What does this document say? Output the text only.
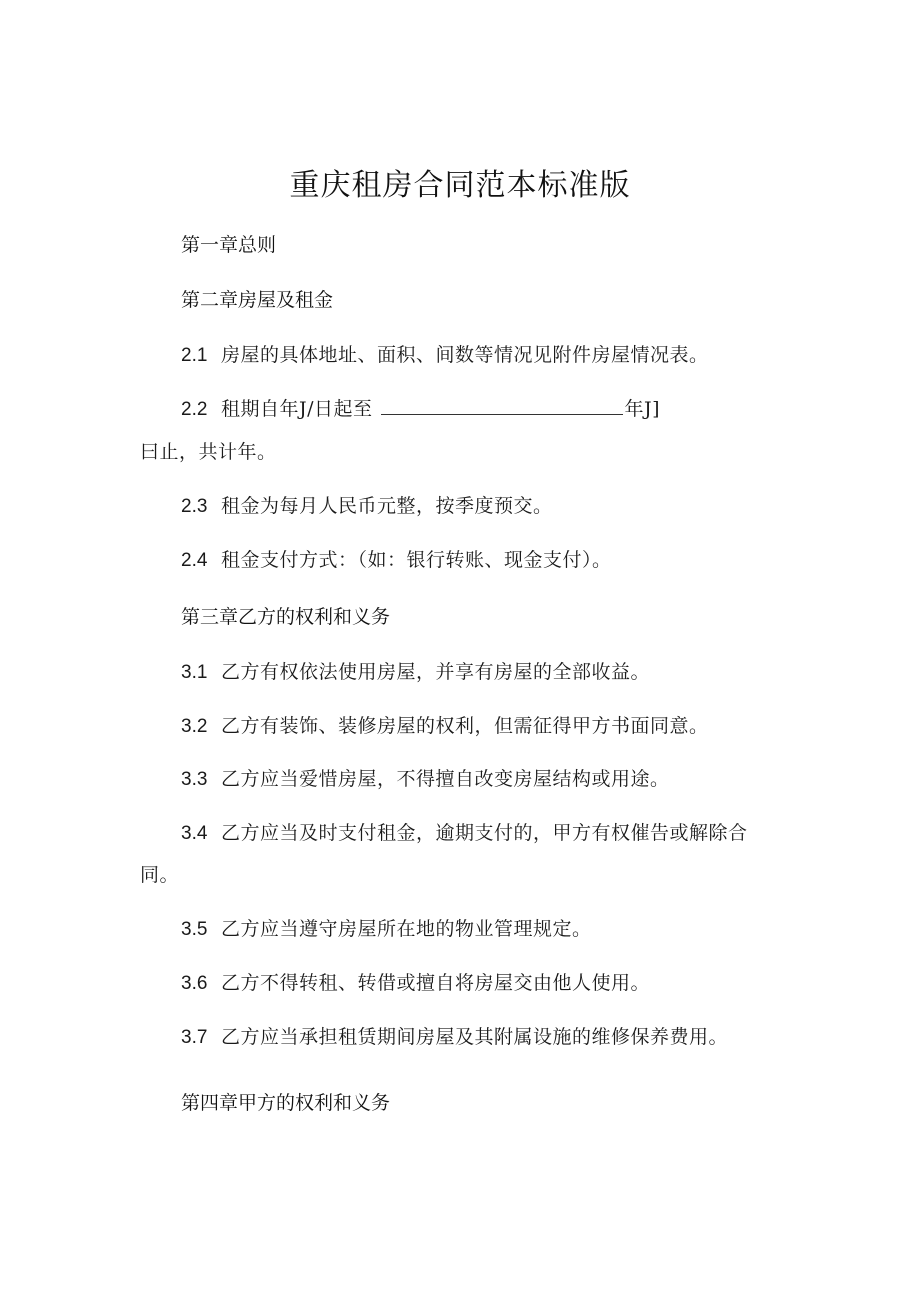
重庆租房合同范本标准版
第一章总则
第二章房屋及租金
2.1 房屋的具体地址、面积、间数等情况见附件房屋情况表。
2.2 租期自年J∕日起至	年J]
曰止，共计年。
2.3 租金为每月人民币元整，按季度预交。
2.4 租金支付方式：（如：银行转账、现金支付）。
第三章乙方的权利和义务
3.1 乙方有权依法使用房屋，并享有房屋的全部收益。
3.2 乙方有装饰、装修房屋的权利，但需征得甲方书面同意。
3.3 乙方应当爱惜房屋，不得擅自改变房屋结构或用途。
3.4 乙方应当及时支付租金，逾期支付的，甲方有权催告或解除合
同。
3.5 乙方应当遵守房屋所在地的物业管理规定。
3.6 乙方不得转租、转借或擅自将房屋交由他人使用。
3.7 乙方应当承担租赁期间房屋及其附属设施的维修保养费用。
第四章甲方的权利和义务
